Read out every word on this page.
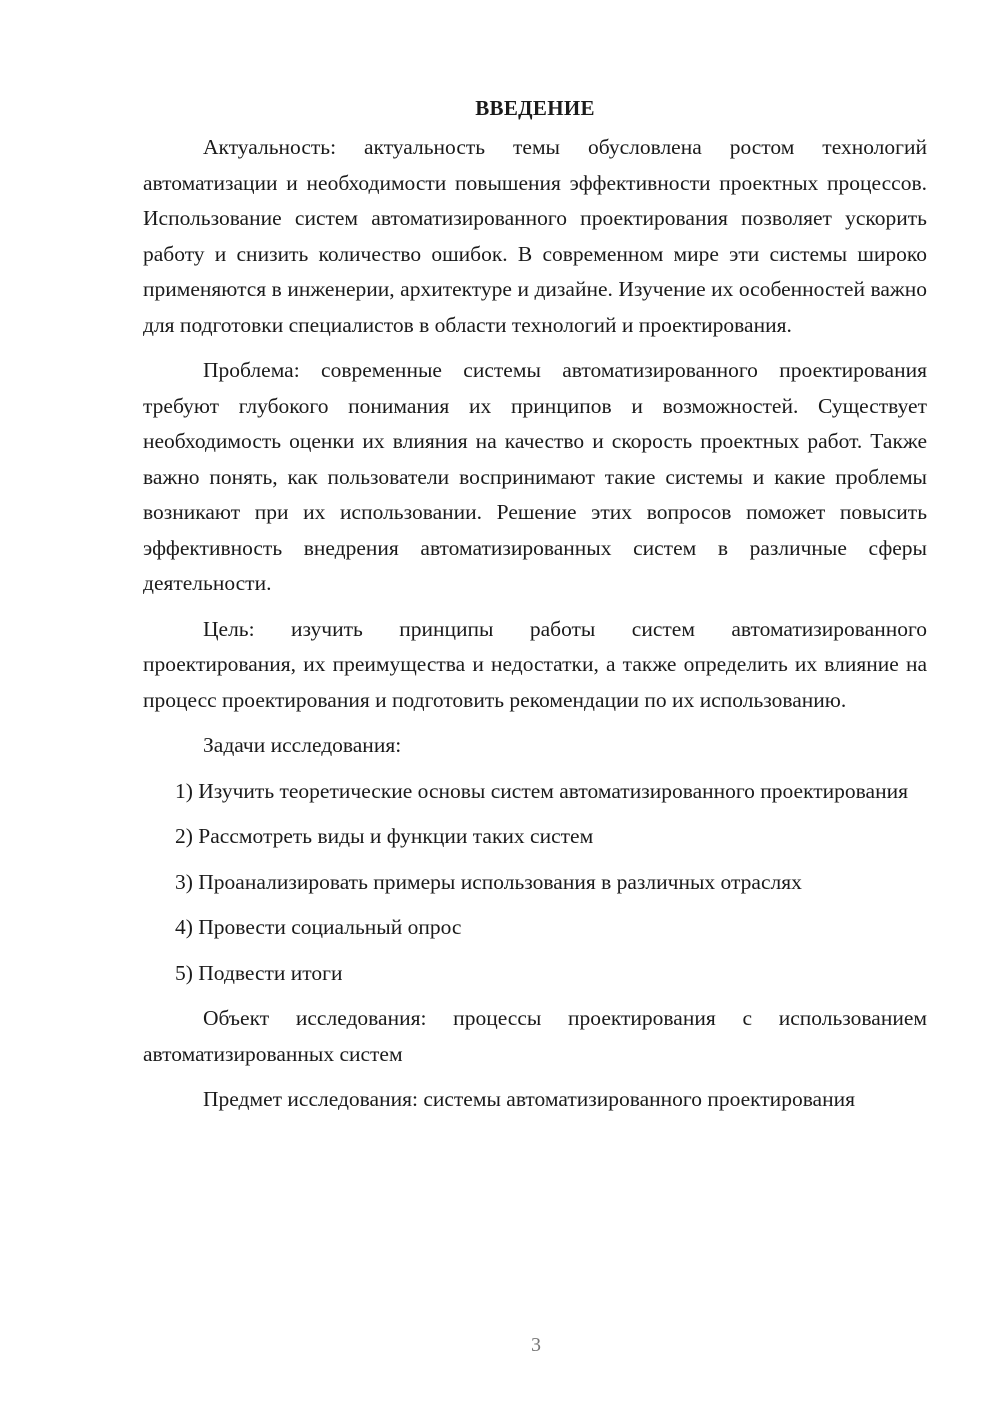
ВВЕДЕНИЕ

Актуальность: актуальность темы обусловлена ростом технологий автоматизации и необходимости повышения эффективности проектных процессов. Использование систем автоматизированного проектирования позволяет ускорить работу и снизить количество ошибок. В современном мире эти системы широко применяются в инженерии, архитектуре и дизайне. Изучение их особенностей важно для подготовки специалистов в области технологий и проектирования.

Проблема: современные системы автоматизированного проектирования требуют глубокого понимания их принципов и возможностей. Существует необходимость оценки их влияния на качество и скорость проектных работ. Также важно понять, как пользователи воспринимают такие системы и какие проблемы возникают при их использовании. Решение этих вопросов поможет повысить эффективность внедрения автоматизированных систем в различные сферы деятельности.

Цель: изучить принципы работы систем автоматизированного проектирования, их преимущества и недостатки, а также определить их влияние на процесс проектирования и подготовить рекомендации по их использованию.

Задачи исследования:

1) Изучить теоретические основы систем автоматизированного проектирования

2) Рассмотреть виды и функции таких систем

3) Проанализировать примеры использования в различных отраслях

4) Провести социальный опрос

5) Подвести итоги

Объект исследования: процессы проектирования с использованием автоматизированных систем

Предмет исследования: системы автоматизированного проектирования

3
